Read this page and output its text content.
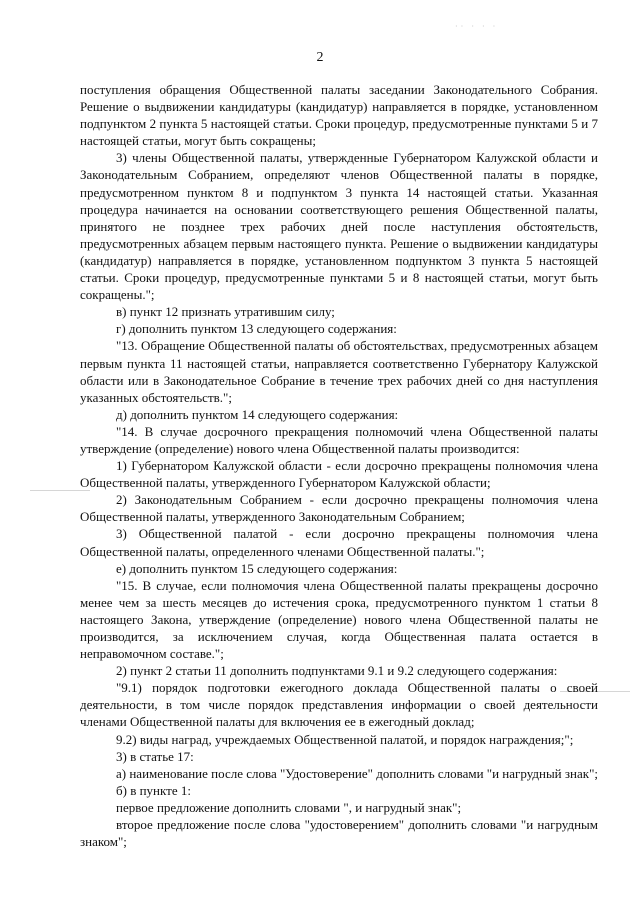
2
·· · · ·

поступления обращения Общественной палаты заседании Законодательного Собрания. Решение о выдвижении кандидатуры (кандидатур) направляется в порядке, установленном подпунктом 2 пункта 5 настоящей статьи. Сроки процедур, предусмотренные пунктами 5 и 7 настоящей статьи, могут быть сокращены;

3) члены Общественной палаты, утвержденные Губернатором Калужской области и Законодательным Собранием, определяют членов Общественной палаты в порядке, предусмотренном пунктом 8 и подпунктом 3 пункта 14 настоящей статьи. Указанная процедура начинается на основании соответствующего решения Общественной палаты, принятого не позднее трех рабочих дней после наступления обстоятельств, предусмотренных абзацем первым настоящего пункта. Решение о выдвижении кандидатуры (кандидатур) направляется в порядке, установленном подпунктом 3 пункта 5 настоящей статьи. Сроки процедур, предусмотренные пунктами 5 и 8 настоящей статьи, могут быть сокращены.";

в) пункт 12 признать утратившим силу;

г) дополнить пунктом 13 следующего содержания:

"13. Обращение Общественной палаты об обстоятельствах, предусмотренных абзацем первым пункта 11 настоящей статьи, направляется соответственно Губернатору Калужской области или в Законодательное Собрание в течение трех рабочих дней со дня наступления указанных обстоятельств.";

д) дополнить пунктом 14 следующего содержания:

"14. В случае досрочного прекращения полномочий члена Общественной палаты утверждение (определение) нового члена Общественной палаты производится:

1) Губернатором Калужской области - если досрочно прекращены полномочия члена Общественной палаты, утвержденного Губернатором Калужской области;

2) Законодательным Собранием - если досрочно прекращены полномочия члена Общественной палаты, утвержденного Законодательным Собранием;

3) Общественной палатой - если досрочно прекращены полномочия члена Общественной палаты, определенного членами Общественной палаты.";

е) дополнить пунктом 15 следующего содержания:

"15. В случае, если полномочия члена Общественной палаты прекращены досрочно менее чем за шесть месяцев до истечения срока, предусмотренного пунктом 1 статьи 8 настоящего Закона, утверждение (определение) нового члена Общественной палаты не производится, за исключением случая, когда Общественная палата остается в неправомочном составе.";

2) пункт 2 статьи 11 дополнить подпунктами 9.1 и 9.2 следующего содержания:

"9.1) порядок подготовки ежегодного доклада Общественной палаты о своей деятельности, в том числе порядок представления информации о своей деятельности членами Общественной палаты для включения ее в ежегодный доклад;

9.2) виды наград, учреждаемых Общественной палатой, и порядок награждения;";

3) в статье 17:

а) наименование после слова "Удостоверение" дополнить словами "и нагрудный знак";

б) в пункте 1:

первое предложение дополнить словами ", и нагрудный знак";

второе предложение после слова "удостоверением" дополнить словами "и нагрудным знаком";
